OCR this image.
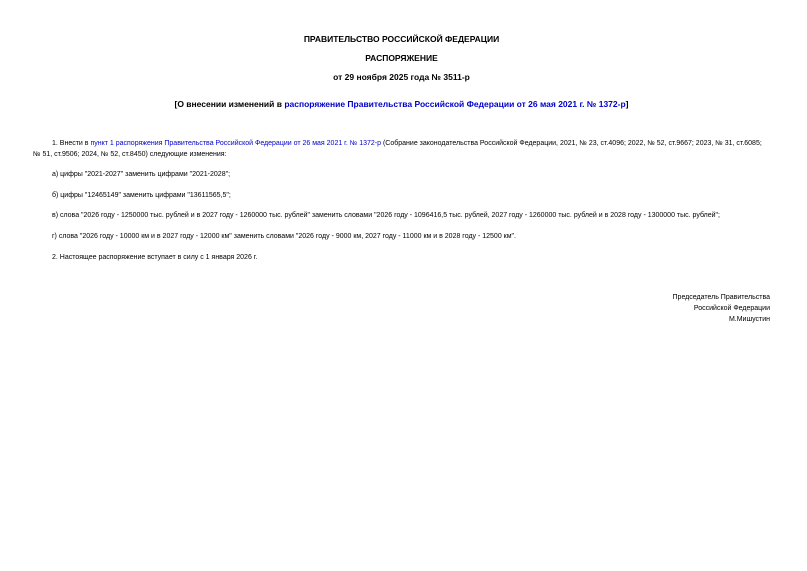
ПРАВИТЕЛЬСТВО РОССИЙСКОЙ ФЕДЕРАЦИИ
РАСПОРЯЖЕНИЕ
от 29 ноября 2025 года № 3511-р
[О внесении изменений в распоряжение Правительства Российской Федерации от 26 мая 2021 г. № 1372-р]
1. Внести в пункт 1 распоряжения Правительства Российской Федерации от 26 мая 2021 г. № 1372-р (Собрание законодательства Российской Федерации, 2021, № 23, ст.4096; 2022, № 52, ст.9667; 2023, № 31, ст.6085; № 51, ст.9506; 2024, № 52, ст.8450) следующие изменения:
а) цифры "2021-2027" заменить цифрами "2021-2028";
б) цифры "12465149" заменить цифрами "13611565,5";
в) слова "2026 году - 1250000 тыс. рублей и в 2027 году - 1260000 тыс. рублей" заменить словами "2026 году - 1096416,5 тыс. рублей, 2027 году - 1260000 тыс. рублей и в 2028 году - 1300000 тыс. рублей";
г) слова "2026 году - 10000 км и в 2027 году - 12000 км" заменить словами "2026 году - 9000 км, 2027 году - 11000 км и в 2028 году - 12500 км".
2. Настоящее распоряжение вступает в силу с 1 января 2026 г.
Председатель Правительства
Российской Федерации
М.Мишустин
